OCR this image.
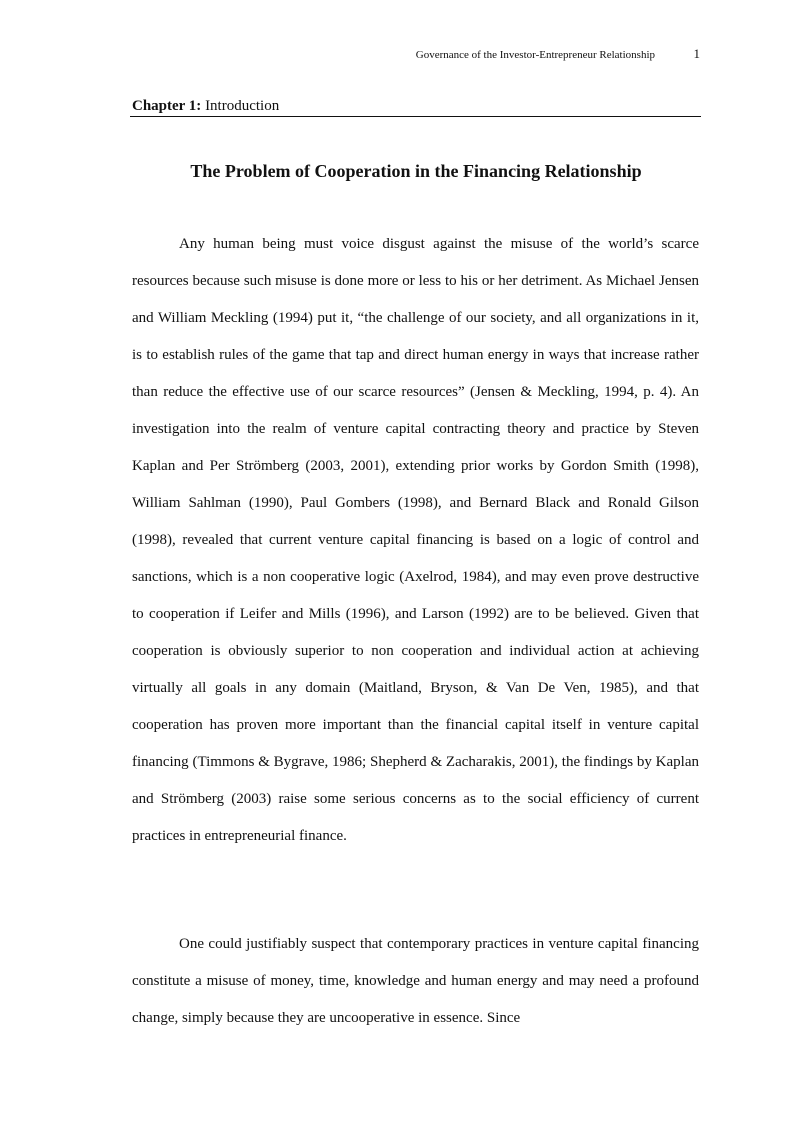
Governance of the Investor-Entrepreneur Relationship	1
Chapter 1: Introduction
The Problem of Cooperation in the Financing Relationship

Any human being must voice disgust against the misuse of the world’s scarce resources because such misuse is done more or less to his or her detriment. As Michael Jensen and William Meckling (1994) put it, “the challenge of our society, and all organizations in it, is to establish rules of the game that tap and direct human energy in ways that increase rather than reduce the effective use of our scarce resources” (Jensen & Meckling, 1994, p. 4). An investigation into the realm of venture capital contracting theory and practice by Steven Kaplan and Per Strömberg (2003, 2001), extending prior works by Gordon Smith (1998), William Sahlman (1990), Paul Gombers (1998), and Bernard Black and Ronald Gilson (1998), revealed that current venture capital financing is based on a logic of control and sanctions, which is a non cooperative logic (Axelrod, 1984), and may even prove destructive to cooperation if Leifer and Mills (1996), and Larson (1992) are to be believed. Given that cooperation is obviously superior to non cooperation and individual action at achieving virtually all goals in any domain (Maitland, Bryson, & Van De Ven, 1985), and that cooperation has proven more important than the financial capital itself in venture capital financing (Timmons & Bygrave, 1986; Shepherd & Zacharakis, 2001), the findings by Kaplan and Strömberg (2003) raise some serious concerns as to the social efficiency of current practices in entrepreneurial finance.

One could justifiably suspect that contemporary practices in venture capital financing constitute a misuse of money, time, knowledge and human energy and may need a profound change, simply because they are uncooperative in essence. Since
